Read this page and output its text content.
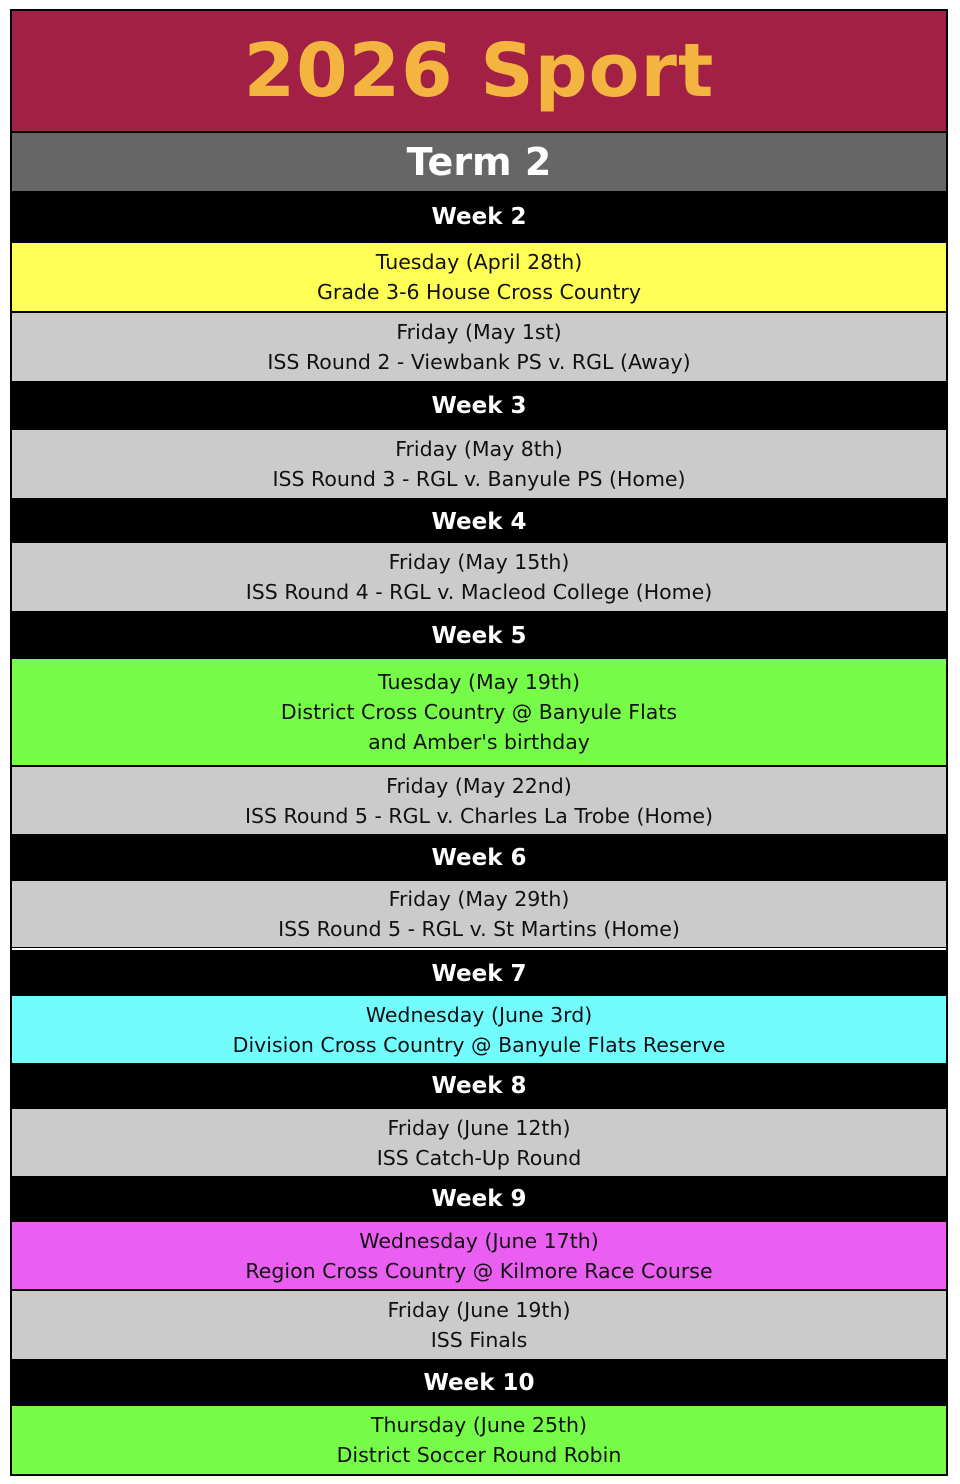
2026 Sport
Term 2
Week 2
Tuesday (April 28th)
Grade 3-6 House Cross Country
Friday (May 1st)
ISS Round 2 - Viewbank PS v. RGL (Away)
Week 3
Friday (May 8th)
ISS Round 3 - RGL v. Banyule PS (Home)
Week 4
Friday (May 15th)
ISS Round 4 - RGL v. Macleod College (Home)
Week 5
Tuesday (May 19th)
District Cross Country @ Banyule Flats
and Amber's birthday
Friday (May 22nd)
ISS Round 5 - RGL v. Charles La Trobe (Home)
Week 6
Friday (May 29th)
ISS Round 5 - RGL v. St Martins (Home)
Week 7
Wednesday (June 3rd)
Division Cross Country @ Banyule Flats Reserve
Week 8
Friday (June 12th)
ISS Catch-Up Round
Week 9
Wednesday (June 17th)
Region Cross Country @ Kilmore Race Course
Friday (June 19th)
ISS Finals
Week 10
Thursday (June 25th)
District Soccer Round Robin
